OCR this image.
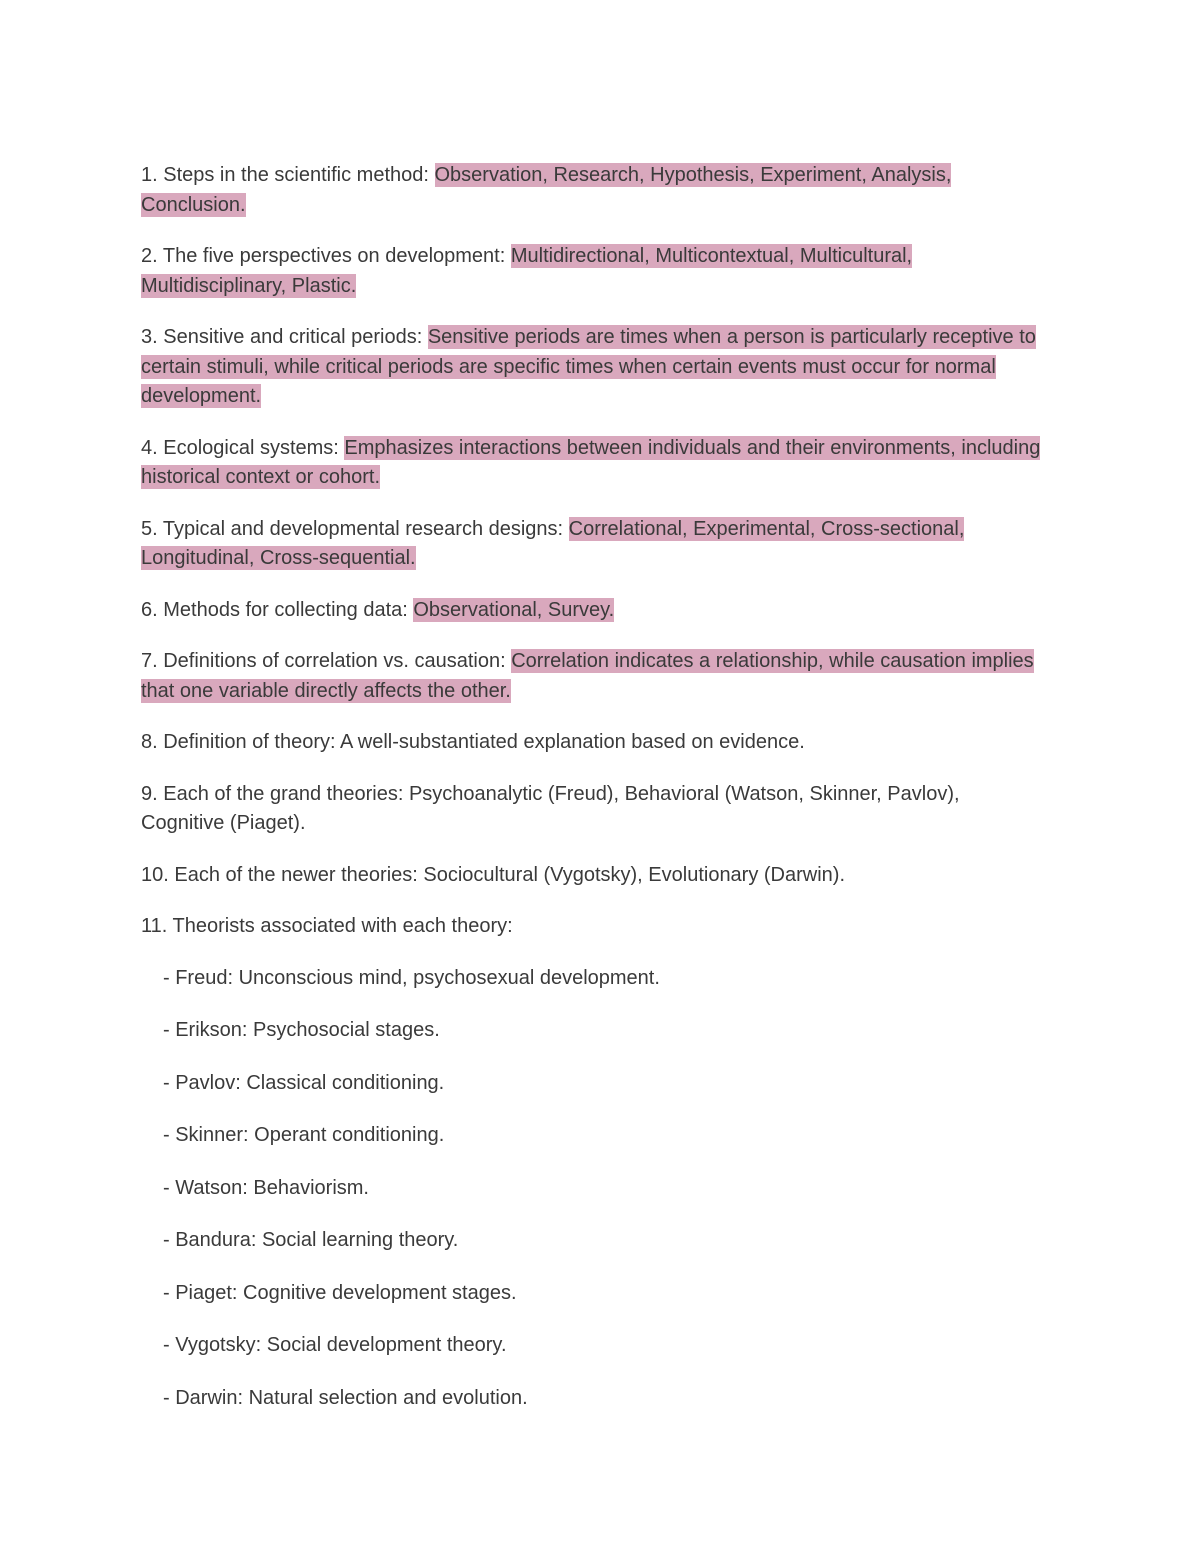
1. Steps in the scientific method: Observation, Research, Hypothesis, Experiment, Analysis, Conclusion.

2. The five perspectives on development: Multidirectional, Multicontextual, Multicultural, Multidisciplinary, Plastic.

3. Sensitive and critical periods: Sensitive periods are times when a person is particularly receptive to certain stimuli, while critical periods are specific times when certain events must occur for normal development.

4. Ecological systems: Emphasizes interactions between individuals and their environments, including historical context or cohort.

5. Typical and developmental research designs: Correlational, Experimental, Cross-sectional, Longitudinal, Cross-sequential.

6. Methods for collecting data: Observational, Survey.

7. Definitions of correlation vs. causation: Correlation indicates a relationship, while causation implies that one variable directly affects the other.

8. Definition of theory: A well-substantiated explanation based on evidence.

9. Each of the grand theories: Psychoanalytic (Freud), Behavioral (Watson, Skinner, Pavlov), Cognitive (Piaget).

10. Each of the newer theories: Sociocultural (Vygotsky), Evolutionary (Darwin).

11. Theorists associated with each theory:

- Freud: Unconscious mind, psychosexual development.

- Erikson: Psychosocial stages.

- Pavlov: Classical conditioning.

- Skinner: Operant conditioning.

- Watson: Behaviorism.

- Bandura: Social learning theory.

- Piaget: Cognitive development stages.

- Vygotsky: Social development theory.

- Darwin: Natural selection and evolution.
